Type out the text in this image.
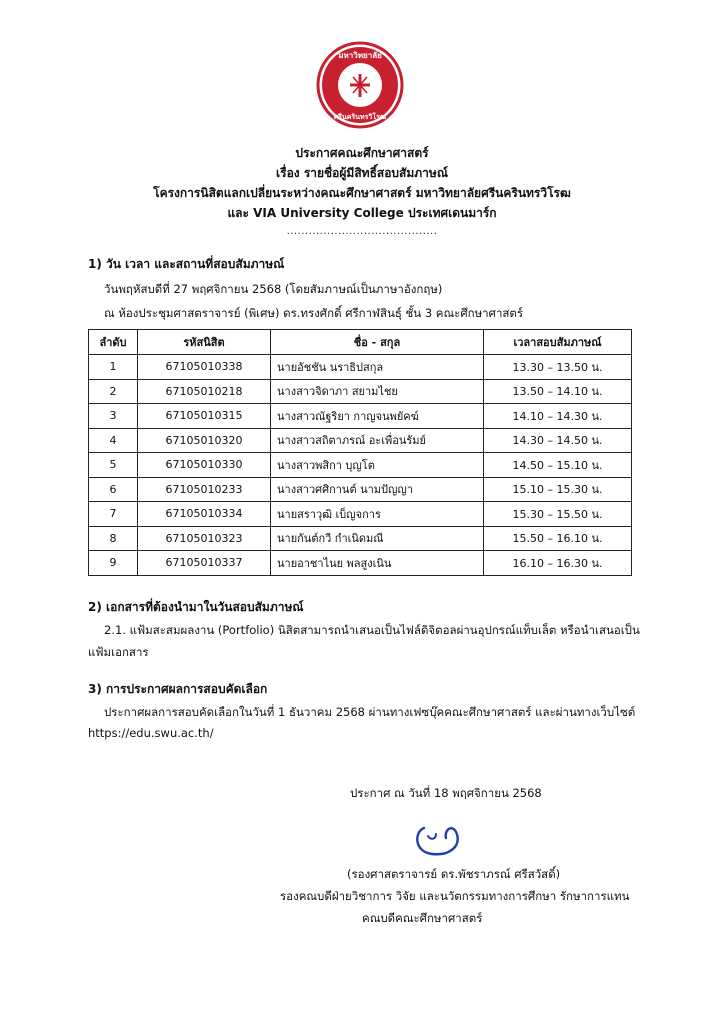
มหาวิทยาลัย
ศรีนครินทรวิโรฒ
ประกาศคณะศึกษาศาสตร์
เรื่อง รายชื่อผู้มีสิทธิ์สอบสัมภาษณ์
โครงการนิสิตแลกเปลี่ยนระหว่างคณะศึกษาศาสตร์ มหาวิทยาลัยศรีนครินทรวิโรฒ
และ VIA University College ประเทศเดนมาร์ก
.........................................
1) วัน เวลา และสถานที่สอบสัมภาษณ์
วันพฤหัสบดีที่ 27 พฤศจิกายน 2568 (โดยสัมภาษณ์เป็นภาษาอังกฤษ)
ณ ห้องประชุมศาสตราจารย์ (พิเศษ) ดร.ทรงศักดิ์ ศรีกาฬสินธุ์ ชั้น 3 คณะศึกษาศาสตร์
ลำดับ	รหัสนิสิต	ชื่อ - สกุล	เวลาสอบสัมภาษณ์
1	67105010338	นายอัชชัน นราธิปสกุล	13.30 – 13.50 น.
2	67105010218	นางสาวจิดาภา สยามไชย	13.50 – 14.10 น.
3	67105010315	นางสาวณัฐริยา กาญจนพยัคฆ์	14.10 – 14.30 น.
4	67105010320	นางสาวสถิตาภรณ์ อะเพื่อนรัมย์	14.30 – 14.50 น.
5	67105010330	นางสาวพสิกา บุญโต	14.50 – 15.10 น.
6	67105010233	นางสาวศศิกานต์ นามปัญญา	15.10 – 15.30 น.
7	67105010334	นายสราวุฒิ เบ็ญจการ	15.30 – 15.50 น.
8	67105010323	นายกันต์กวี กำเนิดมณี	15.50 – 16.10 น.
9	67105010337	นายอาชาไนย พลสูงเนิน	16.10 – 16.30 น.
2) เอกสารที่ต้องนำมาในวันสอบสัมภาษณ์
2.1. แฟ้มสะสมผลงาน (Portfolio) นิสิตสามารถนำเสนอเป็นไฟล์ดิจิตอลผ่านอุปกรณ์แท็บเล็ต หรือนำเสนอเป็น
แฟ้มเอกสาร
3) การประกาศผลการสอบคัดเลือก
ประกาศผลการสอบคัดเลือกในวันที่ 1 ธันวาคม 2568 ผ่านทางเฟซบุ๊คคณะศึกษาศาสตร์ และผ่านทางเว็บไซต์
https://edu.swu.ac.th/
ประกาศ ณ วันที่ 18 พฤศจิกายน 2568
(รองศาสตราจารย์ ดร.พัชราภรณ์ ศรีสวัสดิ์)
รองคณบดีฝ่ายวิชาการ วิจัย และนวัตกรรมทางการศึกษา รักษาการแทน
คณบดีคณะศึกษาศาสตร์
